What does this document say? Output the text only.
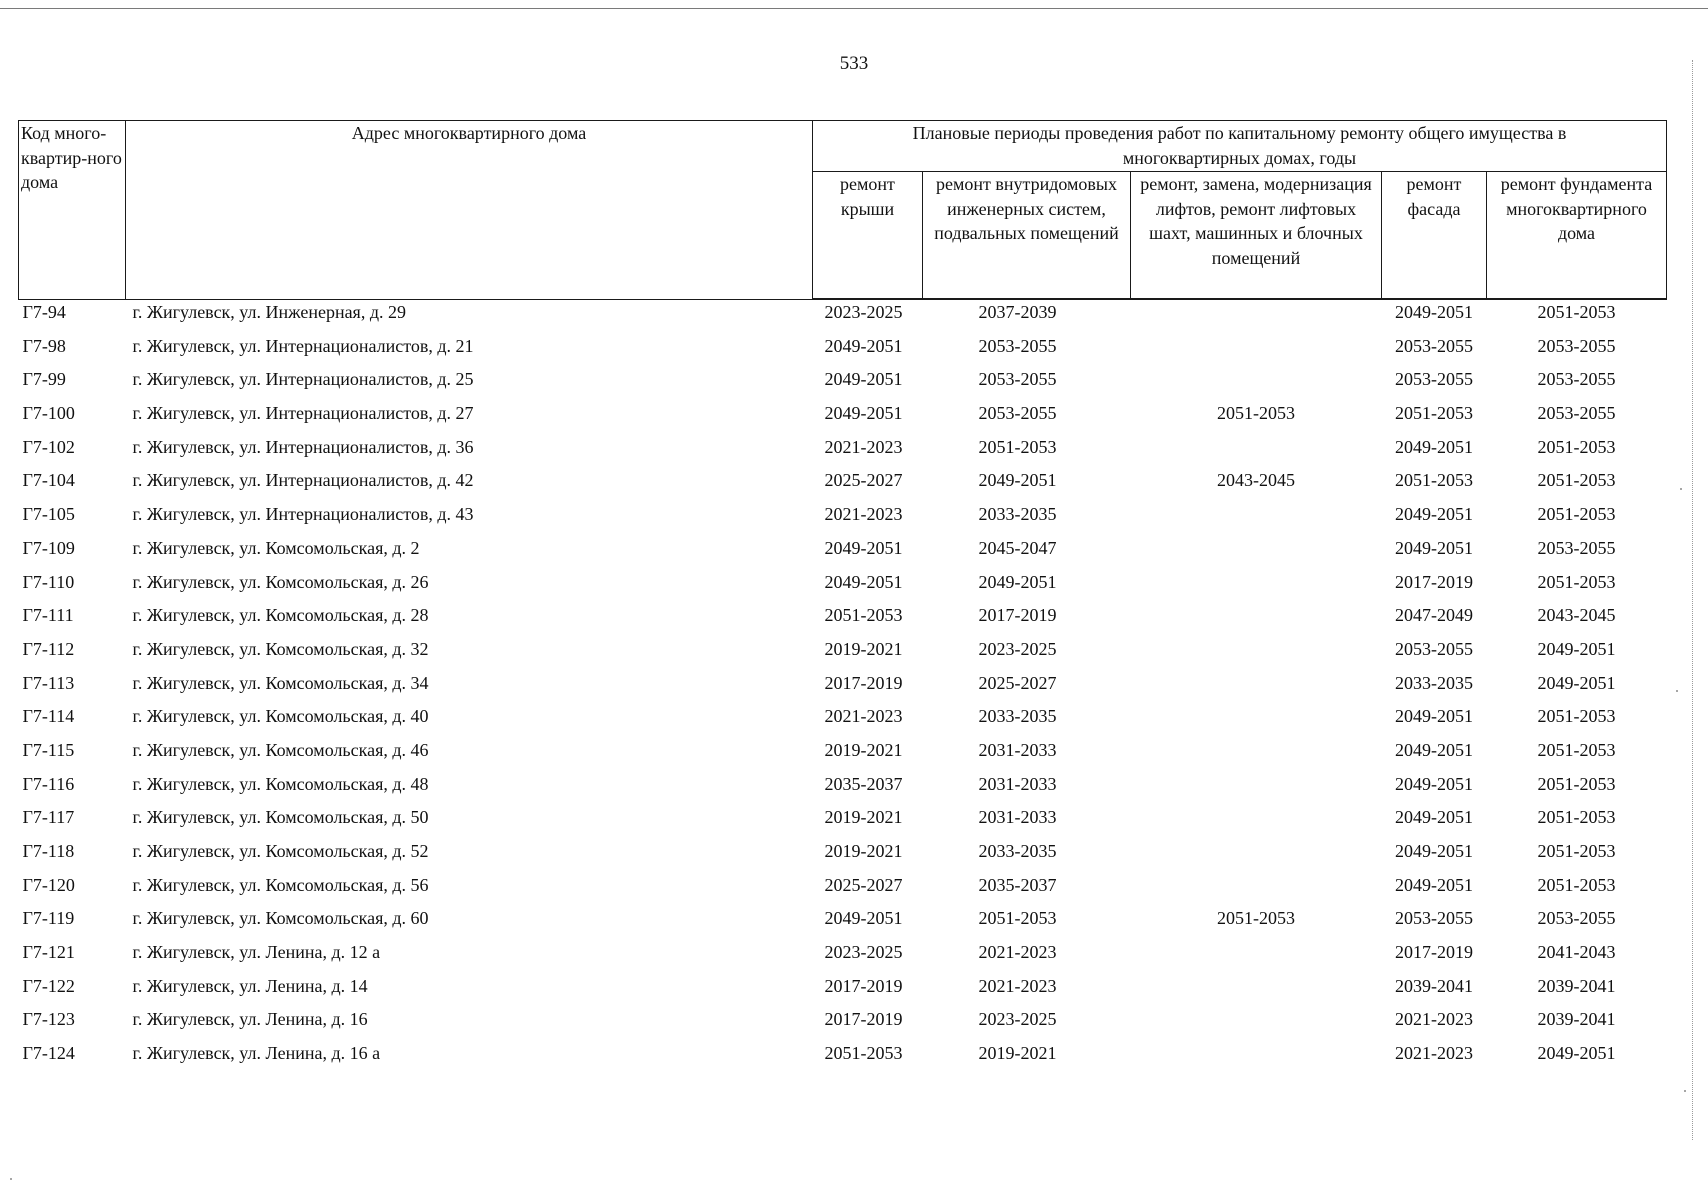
533
Код много-квартир-ного дома	Адрес многоквартирного дома	Плановые периоды проведения работ по капитальному ремонту общего имущества в многоквартирных домах, годы				
		ремонт крыши	ремонт внутридомовых инженерных систем, подвальных помещений	ремонт, замена, модернизация лифтов, ремонт лифтовых шахт, машинных и блочных помещений	ремонт фасада	ремонт фундамента многоквартирного дома
Г7-94	г. Жигулевск, ул. Инженерная, д. 29	2023-2025	2037-2039		2049-2051	2051-2053
Г7-98	г. Жигулевск, ул. Интернационалистов, д. 21	2049-2051	2053-2055		2053-2055	2053-2055
Г7-99	г. Жигулевск, ул. Интернационалистов, д. 25	2049-2051	2053-2055		2053-2055	2053-2055
Г7-100	г. Жигулевск, ул. Интернационалистов, д. 27	2049-2051	2053-2055	2051-2053	2051-2053	2053-2055
Г7-102	г. Жигулевск, ул. Интернационалистов, д. 36	2021-2023	2051-2053		2049-2051	2051-2053
Г7-104	г. Жигулевск, ул. Интернационалистов, д. 42	2025-2027	2049-2051	2043-2045	2051-2053	2051-2053
Г7-105	г. Жигулевск, ул. Интернационалистов, д. 43	2021-2023	2033-2035		2049-2051	2051-2053
Г7-109	г. Жигулевск, ул. Комсомольская, д. 2	2049-2051	2045-2047		2049-2051	2053-2055
Г7-110	г. Жигулевск, ул. Комсомольская, д. 26	2049-2051	2049-2051		2017-2019	2051-2053
Г7-111	г. Жигулевск, ул. Комсомольская, д. 28	2051-2053	2017-2019		2047-2049	2043-2045
Г7-112	г. Жигулевск, ул. Комсомольская, д. 32	2019-2021	2023-2025		2053-2055	2049-2051
Г7-113	г. Жигулевск, ул. Комсомольская, д. 34	2017-2019	2025-2027		2033-2035	2049-2051
Г7-114	г. Жигулевск, ул. Комсомольская, д. 40	2021-2023	2033-2035		2049-2051	2051-2053
Г7-115	г. Жигулевск, ул. Комсомольская, д. 46	2019-2021	2031-2033		2049-2051	2051-2053
Г7-116	г. Жигулевск, ул. Комсомольская, д. 48	2035-2037	2031-2033		2049-2051	2051-2053
Г7-117	г. Жигулевск, ул. Комсомольская, д. 50	2019-2021	2031-2033		2049-2051	2051-2053
Г7-118	г. Жигулевск, ул. Комсомольская, д. 52	2019-2021	2033-2035		2049-2051	2051-2053
Г7-120	г. Жигулевск, ул. Комсомольская, д. 56	2025-2027	2035-2037		2049-2051	2051-2053
Г7-119	г. Жигулевск, ул. Комсомольская, д. 60	2049-2051	2051-2053	2051-2053	2053-2055	2053-2055
Г7-121	г. Жигулевск, ул. Ленина, д. 12 а	2023-2025	2021-2023		2017-2019	2041-2043
Г7-122	г. Жигулевск, ул. Ленина, д. 14	2017-2019	2021-2023		2039-2041	2039-2041
Г7-123	г. Жигулевск, ул. Ленина, д. 16	2017-2019	2023-2025		2021-2023	2039-2041
Г7-124	г. Жигулевск, ул. Ленина, д. 16 а	2051-2053	2019-2021		2021-2023	2049-2051
